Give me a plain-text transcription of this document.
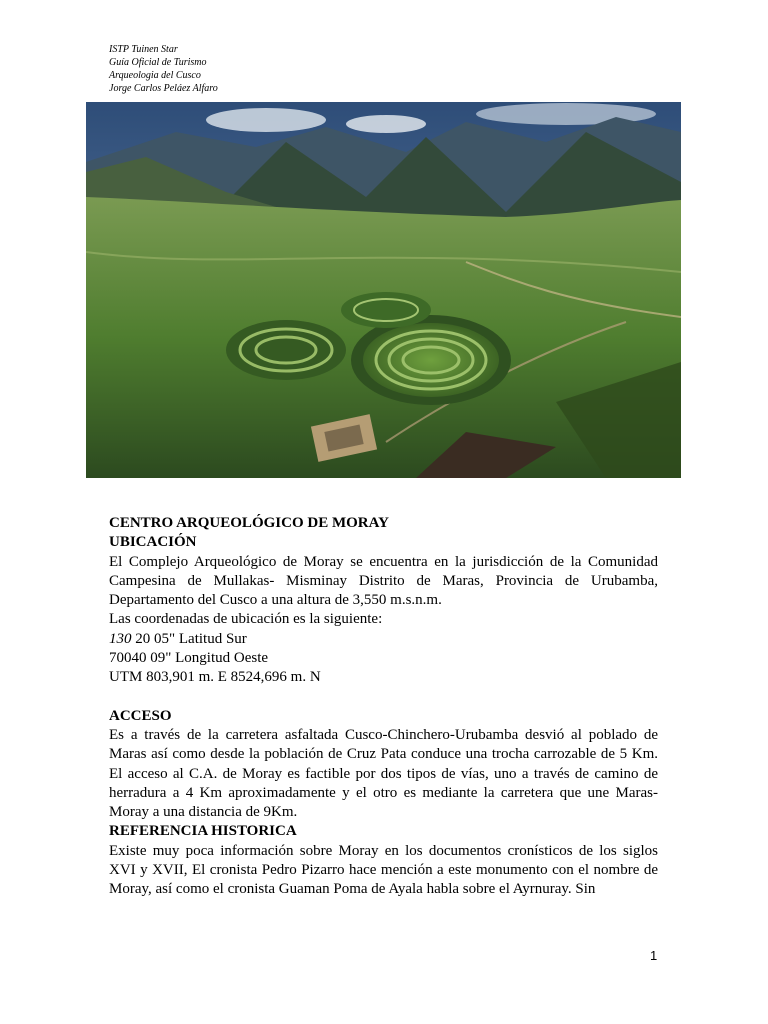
ISTP Tuinen Star
Guía Oficial de Turismo
Arqueologia del Cusco
Jorge Carlos Peláez Alfaro

CENTRO ARQUEOLÓGICO DE MORAY

UBICACIÓN

El Complejo Arqueológico de Moray se encuentra en la jurisdicción de la Comunidad Campesina de Mullakas- Misminay Distrito de Maras, Provincia de Urubamba, Departamento del Cusco a una altura de 3,550 m.s.n.m.

Las coordenadas de ubicación es la siguiente:

130 20 05" Latitud Sur

70040 09" Longitud Oeste

UTM 803,901 m. E 8524,696 m. N

ACCESO

Es a través de la carretera asfaltada Cusco-Chinchero-Urubamba desvió al poblado de Maras así como desde la población de Cruz Pata conduce una trocha carrozable de 5 Km. El acceso al C.A. de Moray es factible por dos tipos de vías, uno a través de camino de herradura a 4 Km aproximadamente y el otro es mediante la carretera que une Maras-Moray a una distancia de 9Km.

REFERENCIA HISTORICA

Existe muy poca información sobre Moray en los documentos cronísticos de los siglos XVI y XVII, El cronista Pedro Pizarro hace mención a este monumento con el nombre de Moray, así como el cronista Guaman Poma de Ayala habla sobre el Ayrnuray. Sin

1
